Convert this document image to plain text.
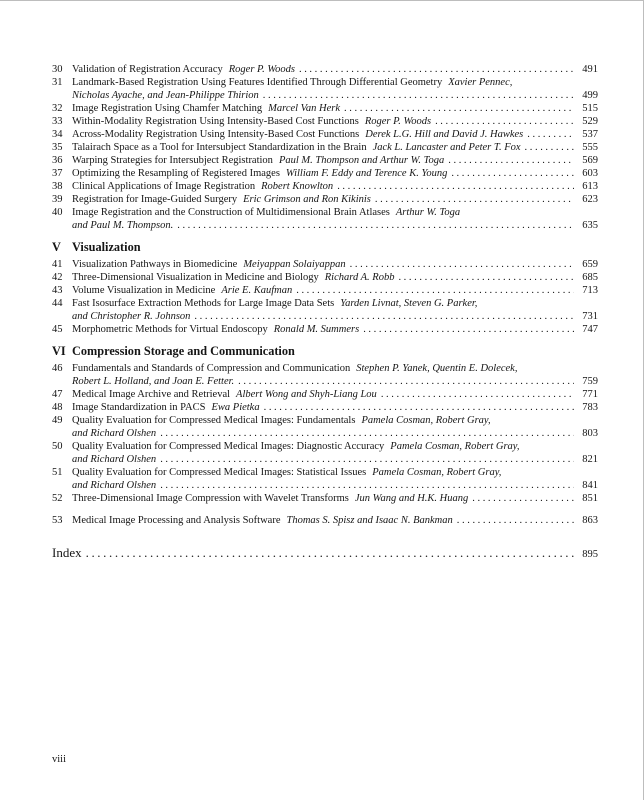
30 Validation of Registration Accuracy Roger P. Woods .....	491
31 Landmark-Based Registration Using Features Identified Through Differential Geometry Xavier Pennec,
Nicholas Ayache, and Jean-Philippe Thirion .....	499
32 Image Registration Using Chamfer Matching Marcel Van Herk .....	515
33 Within-Modality Registration Using Intensity-Based Cost Functions Roger P. Woods .....	529
34 Across-Modality Registration Using Intensity-Based Cost Functions Derek L.G. Hill and David J. Hawkes .....	537
35 Talairach Space as a Tool for Intersubject Standardization in the Brain Jack L. Lancaster and Peter T. Fox .....	555
36 Warping Strategies for Intersubject Registration Paul M. Thompson and Arthur W. Toga .....	569
37 Optimizing the Resampling of Registered Images William F. Eddy and Terence K. Young .....	603
38 Clinical Applications of Image Registration Robert Knowlton .....	613
39 Registration for Image-Guided Surgery Eric Grimson and Ron Kikinis .....	623
40 Image Registration and the Construction of Multidimensional Brain Atlases Arthur W. Toga
and Paul M. Thompson. .....	635
V Visualization
41 Visualization Pathways in Biomedicine Meiyappan Solaiyappan .....	659
42 Three-Dimensional Visualization in Medicine and Biology Richard A. Robb .....	685
43 Volume Visualization in Medicine Arie E. Kaufman .....	713
44 Fast Isosurface Extraction Methods for Large Image Data Sets Yarden Livnat, Steven G. Parker,
and Christopher R. Johnson .....	731
45 Morphometric Methods for Virtual Endoscopy Ronald M. Summers .....	747
VI Compression Storage and Communication
46 Fundamentals and Standards of Compression and Communication Stephen P. Yanek, Quentin E. Dolecek,
Robert L. Holland, and Joan E. Fetter. .....	759
47 Medical Image Archive and Retrieval Albert Wong and Shyh-Liang Lou .....	771
48 Image Standardization in PACS Ewa Pietka .....	783
49 Quality Evaluation for Compressed Medical Images: Fundamentals Pamela Cosman, Robert Gray,
and Richard Olshen .....	803
50 Quality Evaluation for Compressed Medical Images: Diagnostic Accuracy Pamela Cosman, Robert Gray,
and Richard Olshen .....	821
51 Quality Evaluation for Compressed Medical Images: Statistical Issues Pamela Cosman, Robert Gray,
and Richard Olshen .....	841
52 Three-Dimensional Image Compression with Wavelet Transforms Jun Wang and H.K. Huang .....	851
53 Medical Image Processing and Analysis Software Thomas S. Spisz and Isaac N. Bankman .....	863
Index .....	895
viii
